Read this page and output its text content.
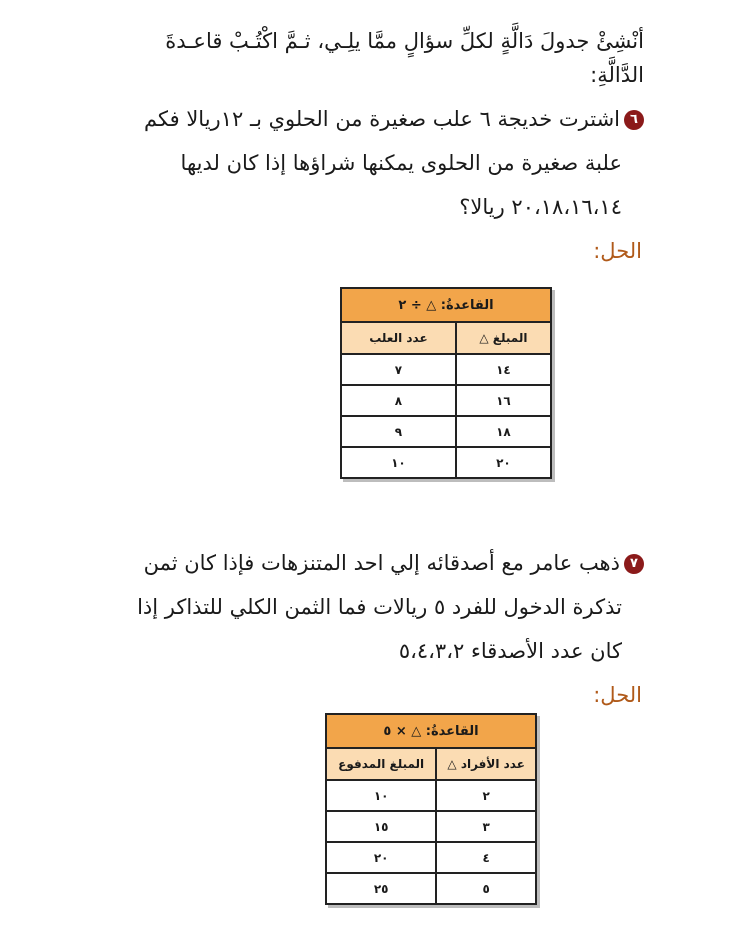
أنْشِئْ جدولَ دَالَّةٍ لكلِّ سؤالٍ ممَّا يلِـي، ثـمَّ اكْتُـبْ قاعـدةَ
الدَّالَّةِ:
٦اشترت خديجة ٦ علب صغيرة من الحلوي بـ ١٢ريالا فكم
علبة صغيرة من الحلوى يمكنها شراؤها إذا كان لديها
٢٠،١٨،١٦،١٤ ريالا؟
الحل:
القاعدةُ: △ ÷ ٢	
المبلغ △	عدد العلب
١٤	٧
١٦	٨
١٨	٩
٢٠	١٠
٧ذهب عامر مع أصدقائه إلي احد المتنزهات فإذا كان ثمن
تذكرة الدخول للفرد ٥ ريالات فما الثمن الكلي للتذاكر إذا
كان عدد الأصدقاء ٥،٤،٣،٢
الحل:
القاعدةُ: △ × ٥	
عدد الأفراد △	المبلغ المدفوع
٢	١٠
٣	١٥
٤	٢٠
٥	٢٥
